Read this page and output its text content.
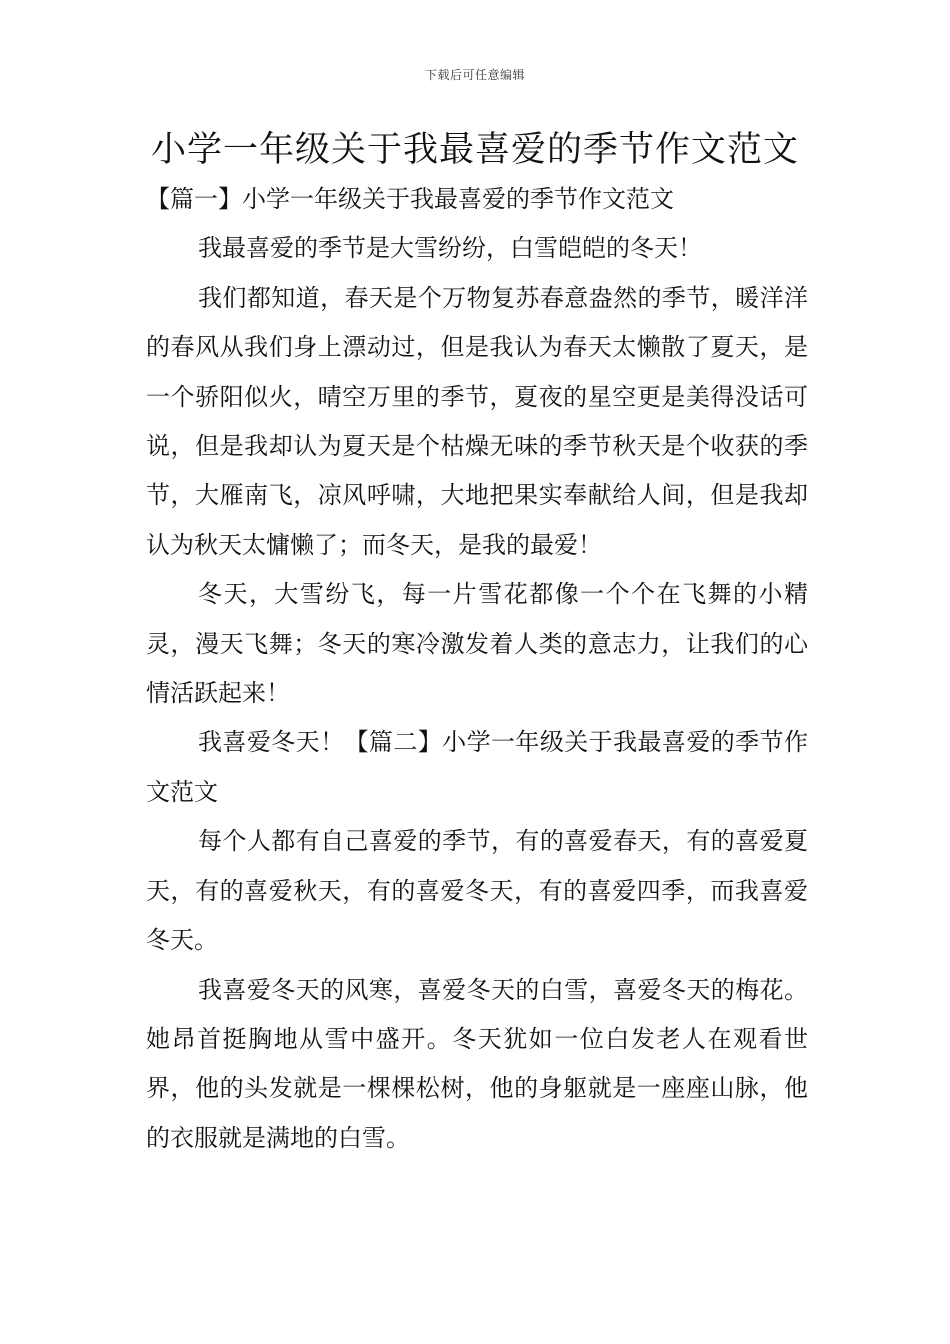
下载后可任意编辑
小学一年级关于我最喜爱的季节作文范文

【篇一】小学一年级关于我最喜爱的季节作文范文

我最喜爱的季节是大雪纷纷，白雪皑皑的冬天！

我们都知道，春天是个万物复苏春意盎然的季节，暖洋洋的春风从我们身上漂动过，但是我认为春天太懒散了夏天，是一个骄阳似火，晴空万里的季节，夏夜的星空更是美得没话可说，但是我却认为夏天是个枯燥无味的季节秋天是个收获的季节，大雁南飞，凉风呼啸，大地把果实奉献给人间，但是我却认为秋天太慵懒了；而冬天，是我的最爱！

冬天，大雪纷飞，每一片雪花都像一个个在飞舞的小精灵，漫天飞舞；冬天的寒冷激发着人类的意志力，让我们的心情活跃起来！

我喜爱冬天！【篇二】小学一年级关于我最喜爱的季节作文范文

每个人都有自己喜爱的季节，有的喜爱春天，有的喜爱夏天，有的喜爱秋天，有的喜爱冬天，有的喜爱四季，而我喜爱冬天。

我喜爱冬天的风寒，喜爱冬天的白雪，喜爱冬天的梅花。她昂首挺胸地从雪中盛开。冬天犹如一位白发老人在观看世界，他的头发就是一棵棵松树，他的身躯就是一座座山脉，他的衣服就是满地的白雪。
